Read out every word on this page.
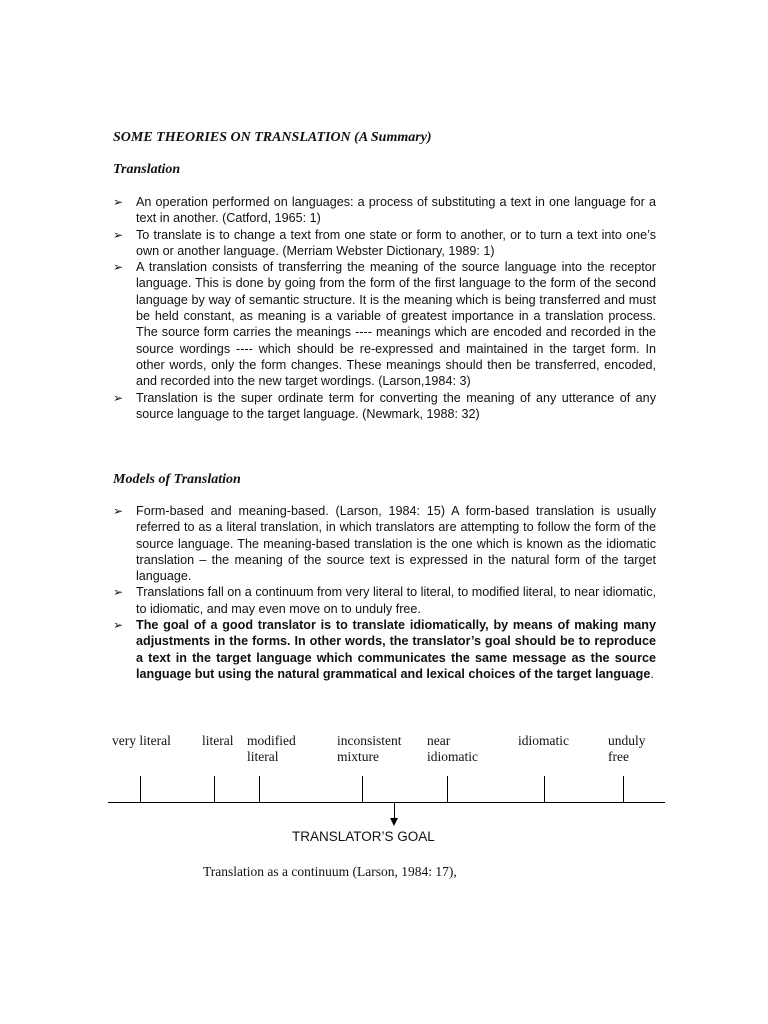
SOME THEORIES ON TRANSLATION (A Summary)
Translation
➢ An operation performed on languages: a process of substituting a text in one language for a text in another. (Catford, 1965: 1)
➢ To translate is to change a text from one state or form to another, or to turn a text into one’s own or another language. (Merriam Webster Dictionary, 1989: 1)
➢ A translation consists of transferring the meaning of the source language into the receptor language. This is done by going from the form of the first language to the form of the second language by way of semantic structure. It is the meaning which is being transferred and must be held constant, as meaning is a variable of greatest importance in a translation process. The source form carries the meanings ---- meanings which are encoded and recorded in the source wordings ---- which should be re-expressed and maintained in the target form. In other words, only the form changes. These meanings should then be transferred, encoded, and recorded into the new target wordings. (Larson,1984: 3)
➢ Translation is the super ordinate term for converting the meaning of any utterance of any source language to the target language. (Newmark, 1988: 32)
Models of Translation
➢ Form-based and meaning-based. (Larson, 1984: 15) A form-based translation is usually referred to as a literal translation, in which translators are attempting to follow the form of the source language. The meaning-based translation is the one which is known as the idiomatic translation – the meaning of the source text is expressed in the natural form of the target language.
➢ Translations fall on a continuum from very literal to literal, to modified literal, to near idiomatic, to idiomatic, and may even move on to unduly free.
➢ The goal of a good translator is to translate idiomatically, by means of making many adjustments in the forms. In other words, the translator’s goal should be to reproduce a text in the target language which communicates the same message as the source language but using the natural grammatical and lexical choices of the target language.
very literal literal modified
literal
inconsistent
mixture
near
idiomatic
idiomatic	unduly
free
TRANSLATOR’S GOAL
Translation as a continuum (Larson, 1984: 17),
